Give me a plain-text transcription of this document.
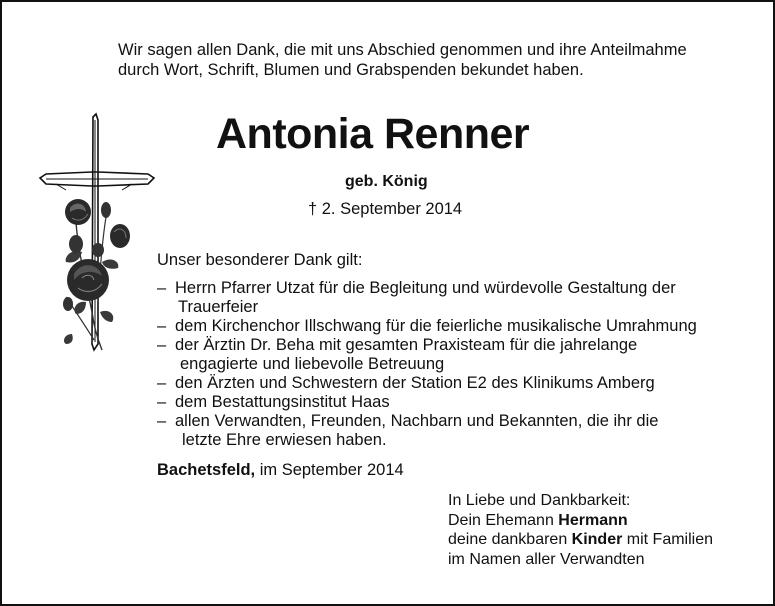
Wir sagen allen Dank, die mit uns Abschied genommen und ihre Anteilmahme
durch Wort, Schrift, Blumen und Grabspenden bekundet haben.
Antonia Renner
geb. König
† 2. September 2014
Unser besonderer Dank gilt:
– Herrn Pfarrer Utzat für die Begleitung und würdevolle Gestaltung der
Trauerfeier
– dem Kirchenchor Illschwang für die feierliche musikalische Umrahmung
– der Ärztin Dr. Beha mit gesamten Praxisteam für die jahrelange
engagierte und liebevolle Betreuung
– den Ärzten und Schwestern der Station E2 des Klinikums Amberg
– dem Bestattungsinstitut Haas
– allen Verwandten, Freunden, Nachbarn und Bekannten, die ihr die
letzte Ehre erwiesen haben.
Bachetsfeld, im September 2014
In Liebe und Dankbarkeit:
Dein Ehemann Hermann
deine dankbaren Kinder mit Familien
im Namen aller Verwandten
